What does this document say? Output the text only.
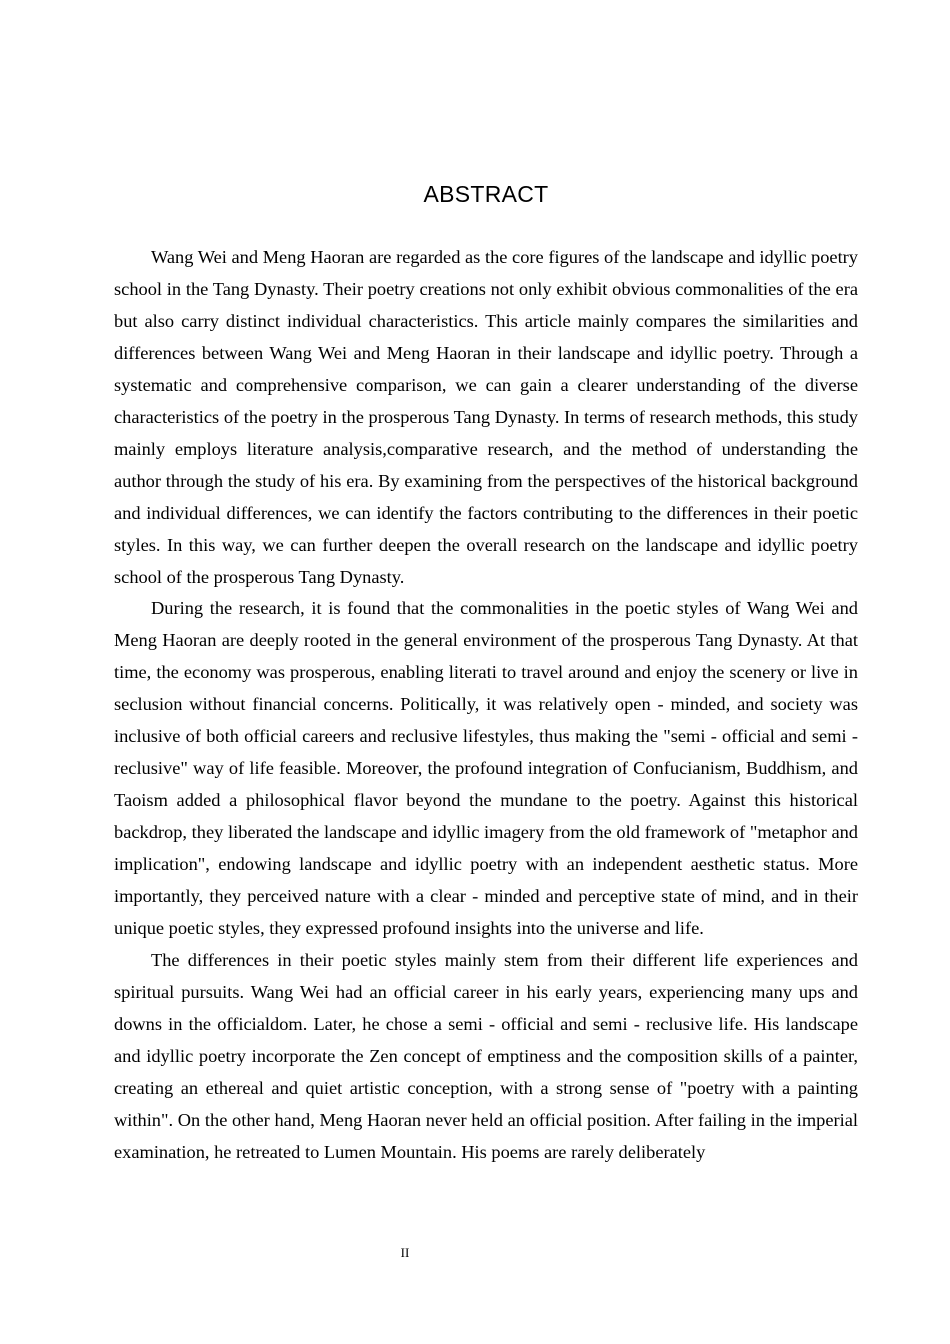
ABSTRACT

Wang Wei and Meng Haoran are regarded as the core figures of the landscape and idyllic poetry school in the Tang Dynasty. Their poetry creations not only exhibit obvious commonalities of the era but also carry distinct individual characteristics. This article mainly compares the similarities and differences between Wang Wei and Meng Haoran in their landscape and idyllic poetry. Through a systematic and comprehensive comparison, we can gain a clearer understanding of the diverse characteristics of the poetry in the prosperous Tang Dynasty. In terms of research methods, this study mainly employs literature analysis,comparative research, and the method of understanding the author through the study of his era. By examining from the perspectives of the historical background and individual differences, we can identify the factors contributing to the differences in their poetic styles. In this way, we can further deepen the overall research on the landscape and idyllic poetry school of the prosperous Tang Dynasty.

During the research, it is found that the commonalities in the poetic styles of Wang Wei and Meng Haoran are deeply rooted in the general environment of the prosperous Tang Dynasty. At that time, the economy was prosperous, enabling literati to travel around and enjoy the scenery or live in seclusion without financial concerns. Politically, it was relatively open - minded, and society was inclusive of both official careers and reclusive lifestyles, thus making the "semi - official and semi - reclusive" way of life feasible. Moreover, the profound integration of Confucianism, Buddhism, and Taoism added a philosophical flavor beyond the mundane to the poetry. Against this historical backdrop, they liberated the landscape and idyllic imagery from the old framework of "metaphor and implication", endowing landscape and idyllic poetry with an independent aesthetic status. More importantly, they perceived nature with a clear - minded and perceptive state of mind, and in their unique poetic styles, they expressed profound insights into the universe and life.

The differences in their poetic styles mainly stem from their different life experiences and spiritual pursuits. Wang Wei had an official career in his early years, experiencing many ups and downs in the officialdom. Later, he chose a semi - official and semi - reclusive life. His landscape and idyllic poetry incorporate the Zen concept of emptiness and the composition skills of a painter, creating an ethereal and quiet artistic conception, with a strong sense of "poetry with a painting within". On the other hand, Meng Haoran never held an official position. After failing in the imperial examination, he retreated to Lumen Mountain. His poems are rarely deliberately

II
